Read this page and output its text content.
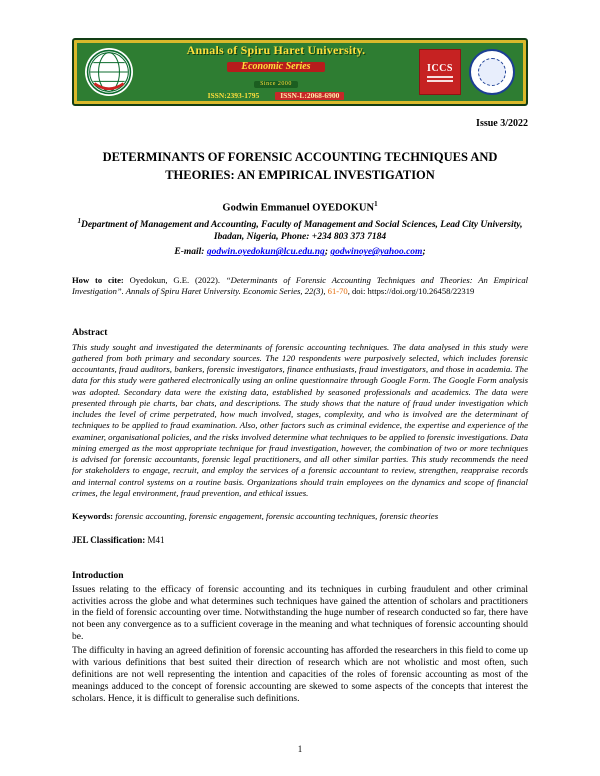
Annals of Spiru Haret University.
Economic Series
Since 2000
ISSN:2393-1795	ISSN-L:2068-6900
ICCS
Issue 3/2022
DETERMINANTS OF FORENSIC ACCOUNTING TECHNIQUES AND
THEORIES: AN EMPIRICAL INVESTIGATION
Godwin Emmanuel OYEDOKUN$^1$
$^1$Department of Management and Accounting, Faculty of Management and Social Sciences, Lead City University, Ibadan, Nigeria, Phone: +234 803 373 7184
E-mail: godwin.oyedokun@lcu.edu.ng; godwinoye@yahoo.com;

How to cite: Oyedokun, G.E. (2022). “Determinants of Forensic Accounting Techniques and Theories: An Empirical Investigation”. Annals of Spiru Haret University. Economic Series, 22(3), 61-70, doi: https://doi.org/10.26458/22319

Abstract

This study sought and investigated the determinants of forensic accounting techniques. The data analysed in this study were gathered from both primary and secondary sources. The 120 respondents were purposively selected, which includes forensic accountants, fraud auditors, bankers, forensic investigators, finance enthusiasts, fraud investigators, and those in academia. The data for this study were gathered electronically using an online questionnaire through Google Form. The Google Form analysis was adopted. Secondary data were the existing data, established by seasoned professionals and academics. The data were presented through pie charts, bar chats, and descriptions. The study shows that the nature of fraud under investigation which includes the level of crime perpetrated, how much involved, stages, complexity, and who is involved are the determinant of techniques to be applied to fraud examination. Also, other factors such as criminal evidence, the expertise and experience of the examiner, organisational policies, and the risks involved determine what techniques to be applied to forensic investigations. Data mining emerged as the most appropriate technique for fraud investigation, however, the combination of two or more techniques is advised for forensic accountants, forensic legal practitioners, and all other similar parties. This study recommends the need for stakeholders to engage, recruit, and employ the services of a forensic accountant to review, strengthen, reappraise records and internal control systems on a routine basis. Organizations should train employees on the dynamics and scope of financial crimes, the legal environment, fraud prevention, and ethical issues.

Keywords: forensic accounting, forensic engagement, forensic accounting techniques, forensic theories

JEL Classification: M41

Introduction

Issues relating to the efficacy of forensic accounting and its techniques in curbing fraudulent and other criminal activities across the globe and what determines such techniques have gained the attention of scholars and practitioners in the field of forensic accounting over time. Notwithstanding the huge number of research conducted so far, there have not been any convergence as to a sufficient coverage in the meaning and what techniques of forensic accounting should be.

The difficulty in having an agreed definition of forensic accounting has afforded the researchers in this field to come up with various definitions that best suited their direction of research which are not wholistic and most often, such definitions are not well representing the intention and capacities of the roles of forensic accounting as most of the meanings adduced to the concept of forensic accounting are skewed to some aspects of the concepts that interest the scholars. Hence, it is difficult to generalise such definitions.

1
